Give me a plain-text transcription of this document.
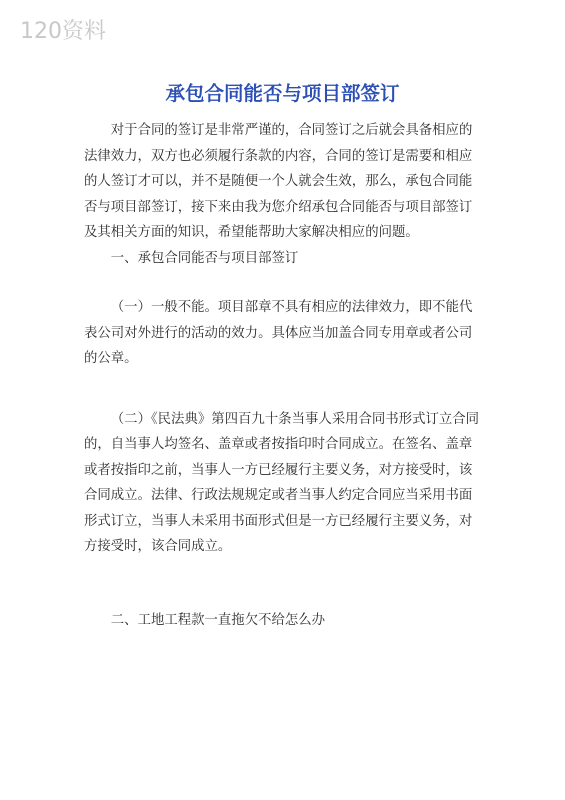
120资料
承包合同能否与项目部签订

对于合同的签订是非常严谨的，合同签订之后就会具备相应的法律效力，双方也必须履行条款的内容，合同的签订是需要和相应的人签订才可以，并不是随便一个人就会生效，那么，承包合同能否与项目部签订，接下来由我为您介绍承包合同能否与项目部签订及其相关方面的知识，希望能帮助大家解决相应的问题。

一、承包合同能否与项目部签订

（一）一般不能。项目部章不具有相应的法律效力，即不能代表公司对外进行的活动的效力。具体应当加盖合同专用章或者公司的公章。

（二）《民法典》第四百九十条当事人采用合同书形式订立合同的，自当事人均签名、盖章或者按指印时合同成立。在签名、盖章或者按指印之前，当事人一方已经履行主要义务，对方接受时，该合同成立。法律、行政法规规定或者当事人约定合同应当采用书面形式订立，当事人未采用书面形式但是一方已经履行主要义务，对方接受时，该合同成立。

二、工地工程款一直拖欠不给怎么办
